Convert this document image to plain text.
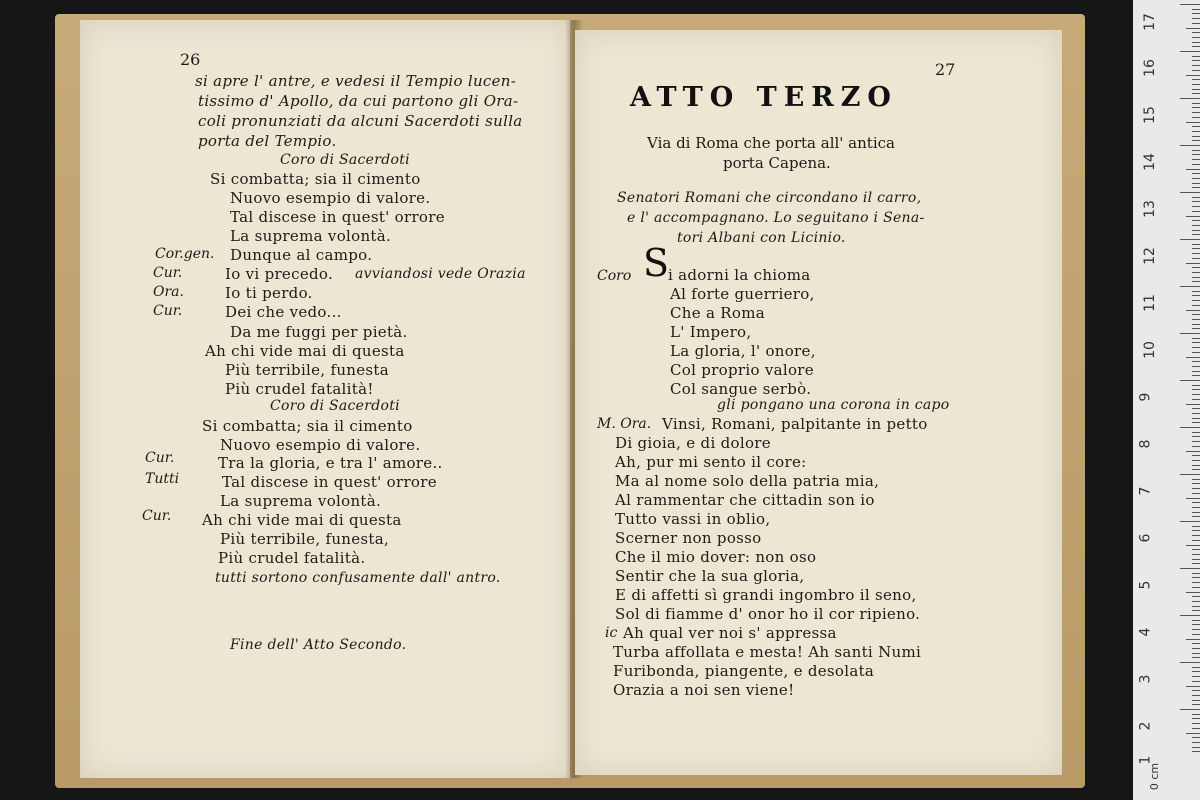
26
si apre l' antre, e vedesi il Tempio lucen-
tissimo d' Apollo, da cui partono gli Ora-
coli pronunziati da alcuni Sacerdoti sulla
porta del Tempio.
Coro di Sacerdoti
Si combatta; sia il cimento
Nuovo esempio di valore.
Tal discese in quest' orrore
La suprema volontà.
Cor.gen. Dunque al campo.
Cur.	Io vi precedo. avviandosi vede Orazia
Ora.	Io ti perdo.
Cur.	Dei che vedo...
Da me fuggi per pietà.
Ah chi vide mai di questa
Più terribile, funesta
Più crudel fatalità!
Coro di Sacerdoti
Si combatta; sia il cimento
Nuovo esempio di valore.
Cur.	Tra la gloria, e tra l' amore..
Tutti	Tal discese in quest' orrore
La suprema volontà.
Cur. Ah chi vide mai di questa
Più terribile, funesta,
Più crudel fatalità.
tutti sortono confusamente dall' antro.
Fine dell' Atto Secondo.
27
ATTO TERZO
Via di Roma che porta all' antica
porta Capena.
Senatori Romani che circondano il carro,
e l' accompagnano. Lo seguitano i Sena-
tori Albani con Licinio.
Coro S
i adorni la chioma
Al forte guerriero,
Che a Roma
L' Impero,
La gloria, l' onore,
Col proprio valore
Col sangue serbò.
gli pongano una corona in capo
M. Ora. Vinsi, Romani, palpitante in petto
Di gioia, e di dolore
Ah, pur mi sento il core:
Ma al nome solo della patria mia,
Al rammentar che cittadin son io
Tutto vassi in oblio,
Scerner non posso
Che il mio dover: non oso
Sentir che la sua gloria,
E di affetti sì grandi ingombro il seno,
Sol di fiamme d' onor ho il cor ripieno.
ic Ah qual ver noi s' appressa
Turba affollata e mesta! Ah santi Numi
Furibonda, piangente, e desolata
Orazia a noi sen viene!
17
16
15
14
13
12
11
10
9
8
7
6
5
4
3
2
1
0 cm
